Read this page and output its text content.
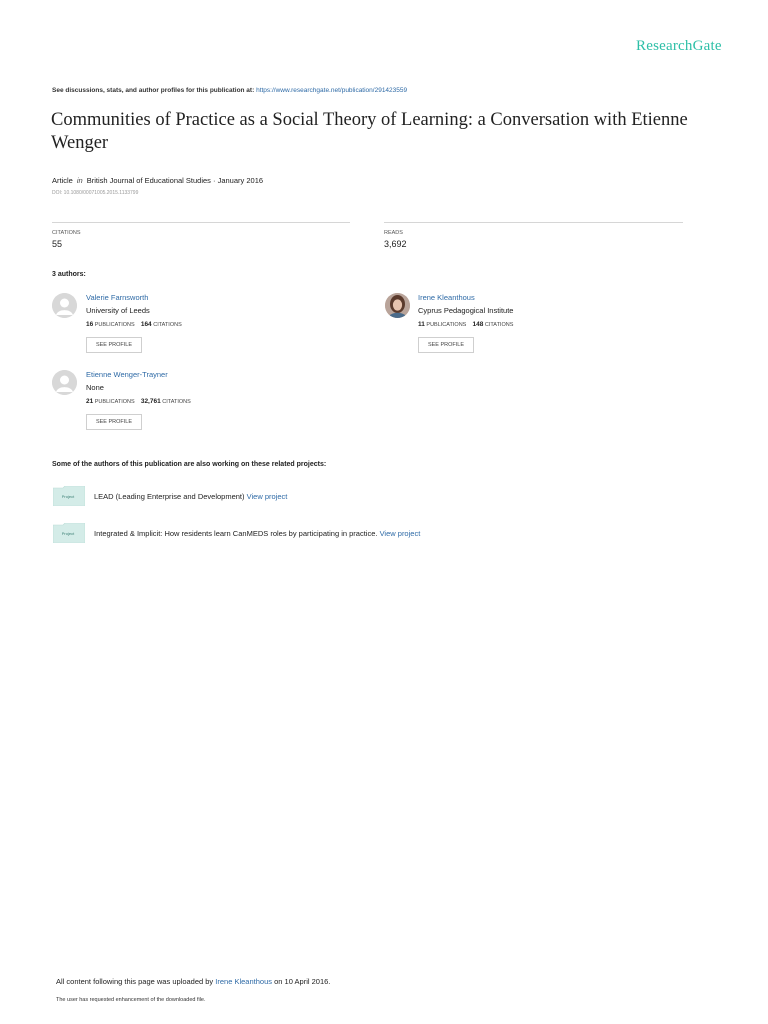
ResearchGate
See discussions, stats, and author profiles for this publication at: https://www.researchgate.net/publication/291423559
Communities of Practice as a Social Theory of Learning: a Conversation with Etienne Wenger
Article in British Journal of Educational Studies · January 2016
DOI: 10.1080/00071005.2015.1133799
CITATIONS
55
READS
3,692
3 authors:
Valerie Farnsworth
University of Leeds
16 PUBLICATIONS 164 CITATIONS
SEE PROFILE
Irene Kleanthous
Cyprus Pedagogical Institute
11 PUBLICATIONS 148 CITATIONS
SEE PROFILE
Etienne Wenger-Trayner
None
21 PUBLICATIONS 32,761 CITATIONS
SEE PROFILE
Some of the authors of this publication are also working on these related projects:
Project	LEAD (Leading Enterprise and Development) View project
Project	Integrated & Implicit: How residents learn CanMEDS roles by participating in practice. View project
All content following this page was uploaded by Irene Kleanthous on 10 April 2016.
The user has requested enhancement of the downloaded file.
